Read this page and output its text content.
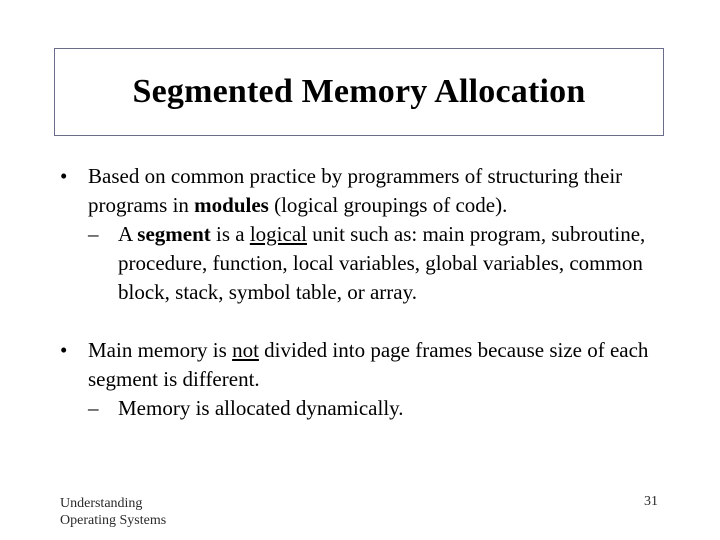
Segmented Memory Allocation
• Based on common practice by programmers of structuring their programs in modules (logical groupings of code).
– A segment is a logical unit such as: main program, subroutine, procedure, function, local variables, global variables, common block, stack, symbol table, or array.
• Main memory is not divided into page frames because size of each segment is different.
– Memory is allocated dynamically.
Understanding
Operating Systems
31
